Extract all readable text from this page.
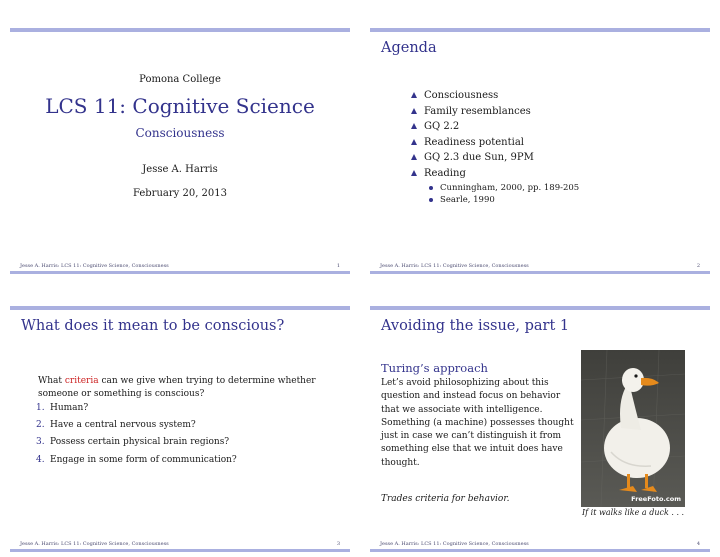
Pomona College
LCS 11: Cognitive Science
Consciousness
Jesse A. Harris
February 20, 2013
Jesse A. Harris: LCS 11: Cognitive Science, Consciousness	1
Agenda
Consciousness
Family resemblances
GQ 2.2
Readiness potential
GQ 2.3 due Sun, 9PM
Reading
Cunningham, 2000, pp. 189-205
Searle, 1990
Jesse A. Harris: LCS 11: Cognitive Science, Consciousness	2
What does it mean to be conscious?
What criteria can we give when trying to determine whether someone or something is conscious?
1. Human?
2. Have a central nervous system?
3. Possess certain physical brain regions?
4. Engage in some form of communication?
Jesse A. Harris: LCS 11: Cognitive Science, Consciousness	3
Avoiding the issue, part 1
Turing’s approach
Let’s avoid philosophizing about this question and instead focus on behavior that we associate with intelligence. Something (a machine) possesses thought just in case we can’t distinguish it from something else that we intuit does have thought.
Trades criteria for behavior.	FreeFoto.com
If it walks like a duck . . .
Jesse A. Harris: LCS 11: Cognitive Science, Consciousness	4
